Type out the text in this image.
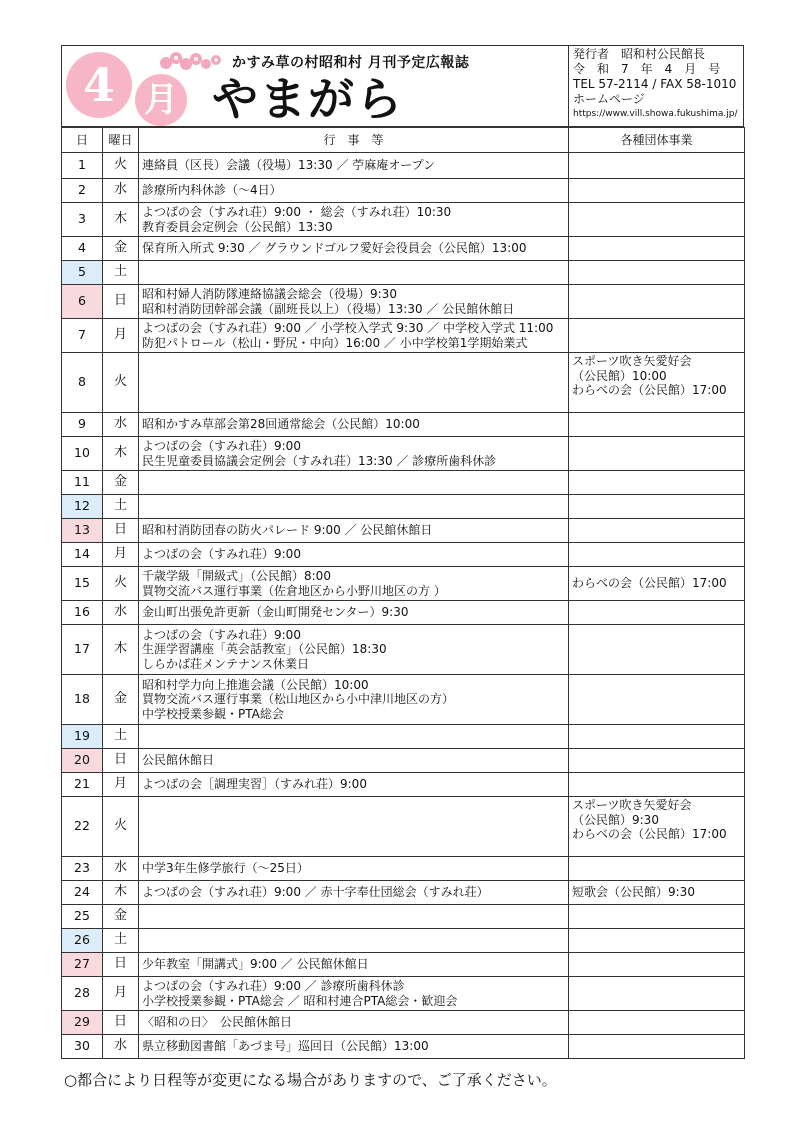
4 月
かすみ草の村昭和村 月刊予定広報誌
やまがら
発行者　昭和村公民館長
令　和　7　年　4　月　号
TEL 57-2114 / FAX 58-1010
ホームページ
https://www.vill.showa.fukushima.jp/
日	曜日	行　事　等	各種団体事業
1	火	連絡員（区長）会議（役場）13:30 ／ 苧麻庵オープン	

2	水	診療所内科休診（～4日）	

3	木	よつばの会（すみれ荘）9:00 ・ 総会（すみれ荘）10:30
教育委員会定例会（公民館）13:30	

4	金	保育所入所式 9:30 ／ グラウンドゴルフ愛好会役員会（公民館）13:00	

5	土		
6	日	昭和村婦人消防隊連絡協議会総会（役場）9:30
昭和村消防団幹部会議（副班長以上）（役場）13:30 ／ 公民館休館日	

7	月	よつばの会（すみれ荘）9:00 ／ 小学校入学式 9:30 ／ 中学校入学式 11:00
防犯パトロール（松山・野尻・中向）16:00 ／ 小中学校第1学期始業式	

8	火		スポーツ吹き矢愛好会
（公民館）10:00
わらべの会（公民館）17:00

9	水	昭和かすみ草部会第28回通常総会（公民館）10:00	

10	木	よつばの会（すみれ荘）9:00
民生児童委員協議会定例会（すみれ荘）13:30 ／ 診療所歯科休診	

11	金		
12	土		
13	日	昭和村消防団春の防火パレード 9:00 ／ 公民館休館日	

14	月	よつばの会（すみれ荘）9:00	

15	火	千歳学級「開級式」（公民館）8:00
買物交流バス運行事業（佐倉地区から小野川地区の方 ）	わらべの会（公民館）17:00

16	水	金山町出張免許更新（金山町開発センター）9:30	

17	木	よつばの会（すみれ荘）9:00
生涯学習講座「英会話教室」（公民館）18:30
しらかば荘メンテナンス休業日	

18	金	昭和村学力向上推進会議（公民館）10:00
買物交流バス運行事業（松山地区から小中津川地区の方）
中学校授業参観・PTA総会	

19	土		
20	日	公民館休館日	

21	月	よつばの会［調理実習］（すみれ荘）9:00	

22	火		スポーツ吹き矢愛好会
（公民館）9:30
わらべの会（公民館）17:00

23	水	中学3年生修学旅行（～25日）	

24	木	よつばの会（すみれ荘）9:00 ／ 赤十字奉仕団総会（すみれ荘）	短歌会（公民館）9:30

25	金		
26	土		
27	日	少年教室「開講式」9:00 ／ 公民館休館日	

28	月	よつばの会（すみれ荘）9:00 ／ 診療所歯科休診
小学校授業参観・PTA総会 ／ 昭和村連合PTA総会・歓迎会	

29	日	〈昭和の日〉　公民館休館日	

30	水	県立移動図書館「あづま号」巡回日（公民館）13:00	

○都合により日程等が変更になる場合がありますので、ご了承ください。
